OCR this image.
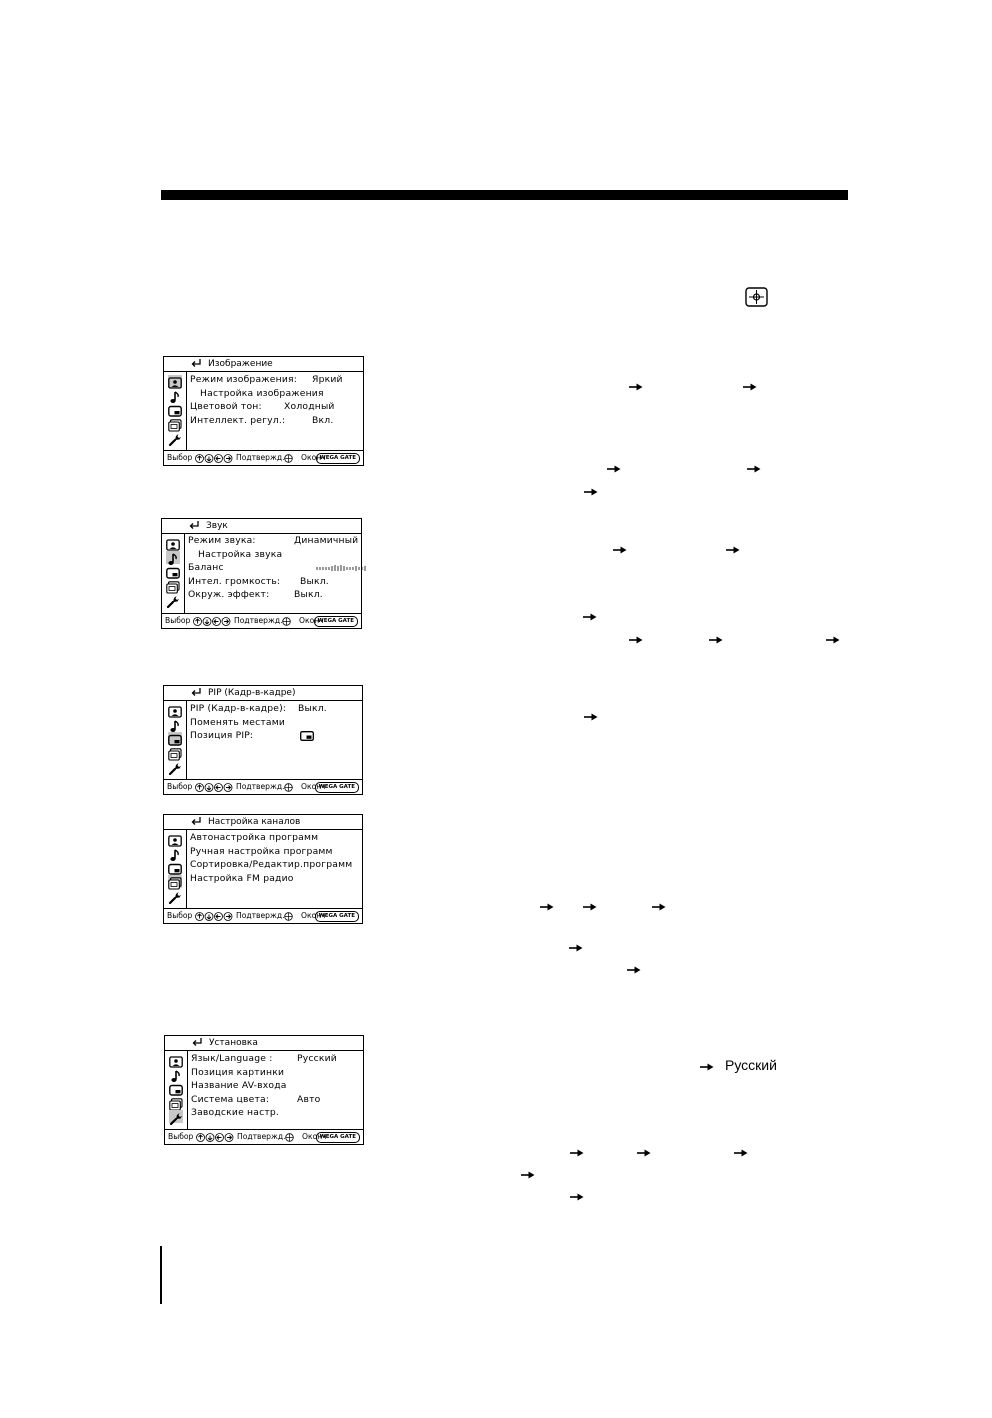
Изображение
Режим изображения: Яркий
Настройка изображения
Цветовой тон: Холодный
Интеллект. регул.:	Вкл.
Выбор	Подтвержд. Оконч
WEGA GATE
Звук
Режим звука:	Динамичный
Настройка звука
Баланс
Интел. громкость: Выкл.
Окруж. эффект:	Выкл.
Выбор	Подтвержд. Оконч
WEGA GATE
PIP (Кадр-в-кадре)
PIP (Кадр-в-кадре): Выкл.
Поменять местами
Позиция PIP:
Выбор	Подтвержд. Оконч
WEGA GATE
Настройка каналов
Автонастройка программ
Ручная настройка программ
Сортировка/Редактир.программ
Настройка FM радио
Выбор	Подтвержд. Оконч
WEGA GATE
Установка
Язык/Language :	Русский
Позиция картинки
Название AV-входа
Система цвета:	Авто
Заводские настр.
Выбор	Подтвержд. Оконч
WEGA GATE
Русский
